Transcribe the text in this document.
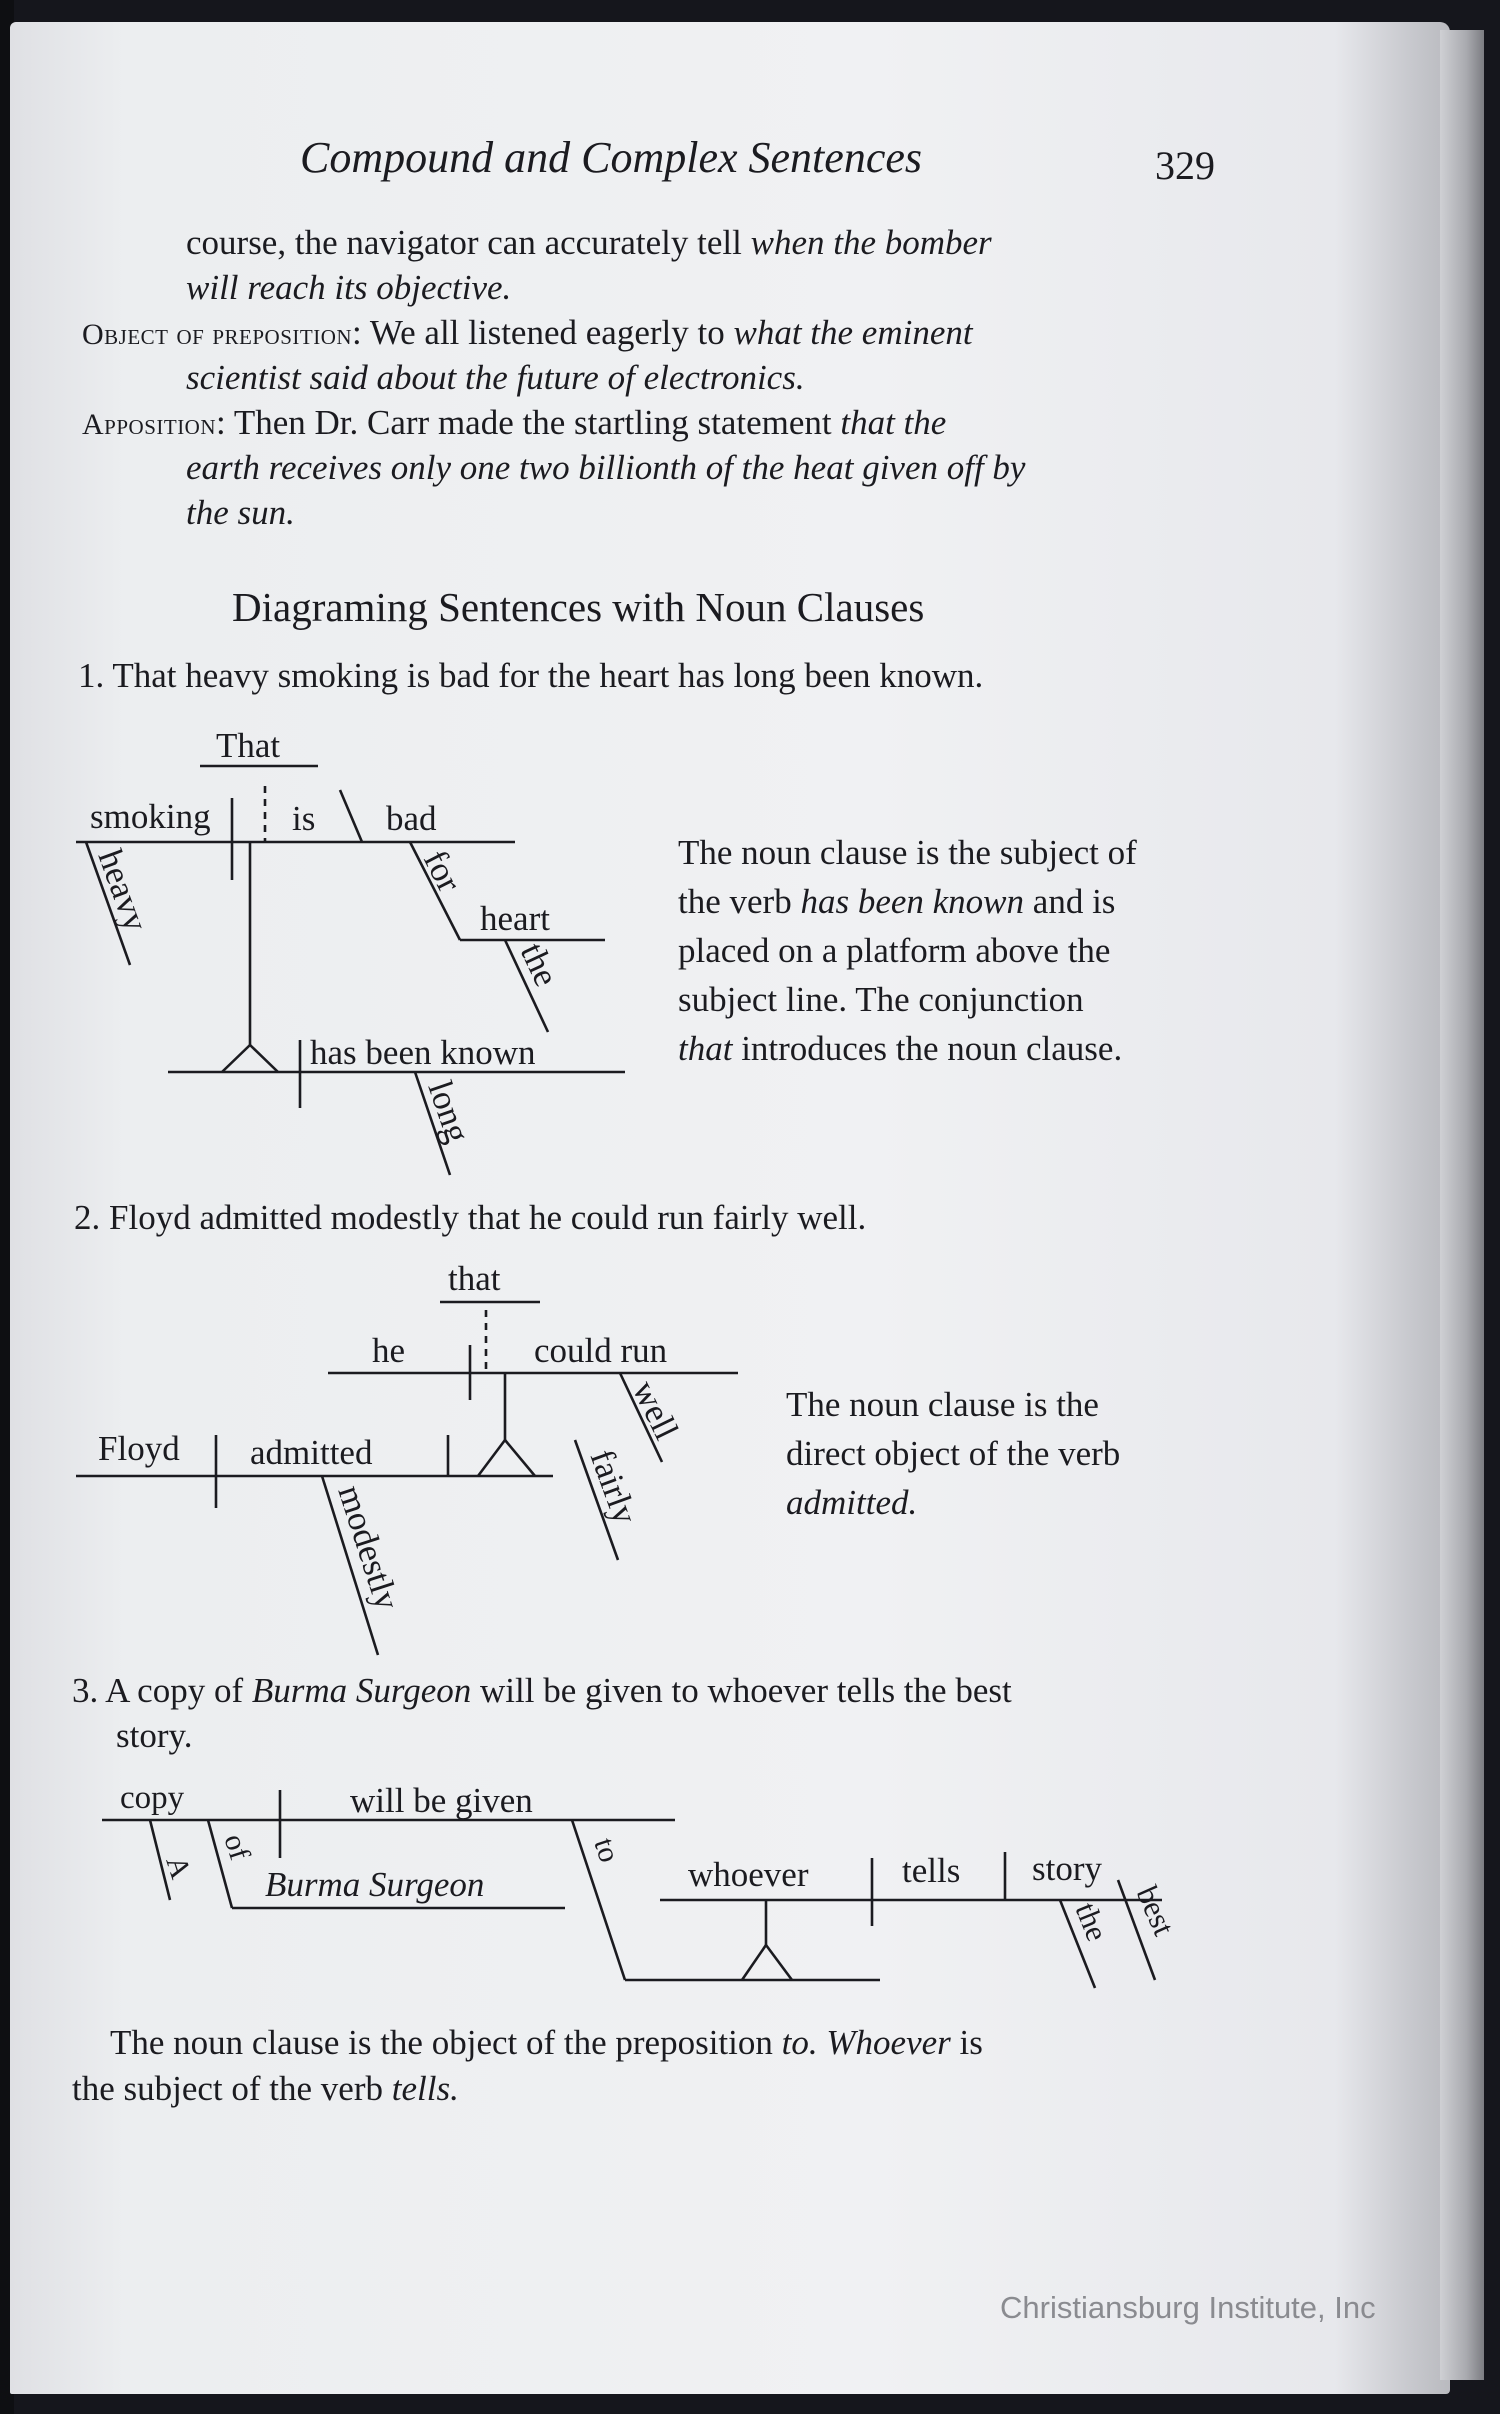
Compound and Complex Sentences	329
course, the navigator can accurately tell when the bomber
will reach its objective.
Object of preposition: We all listened eagerly to what the eminent
scientist said about the future of electronics.
Apposition: Then Dr. Carr made the startling statement that the
earth receives only one two billionth of the heat given off by
the sun.
Diagraming Sentences with Noun Clauses
1. That heavy smoking is bad for the heart has long been known.
The noun clause is the subject of
the verb has been known and is
placed on a platform above the
subject line. The conjunction
that introduces the noun clause.
2. Floyd admitted modestly that he could run fairly well.
The noun clause is the
direct object of the verb
admitted.
3. A copy of Burma Surgeon will be given to whoever tells the best
story.
The noun clause is the object of the preposition to. Whoever is
the subject of the verb tells.
That
smoking is bad
heavy	for
heart
the
has been known
long
that
he	could run
Floyd admitted
modestly
well
fairly
copy	will be given
A
of
Burma Surgeon
to
whoever	tells story
the best
Christiansburg Institute, Inc
